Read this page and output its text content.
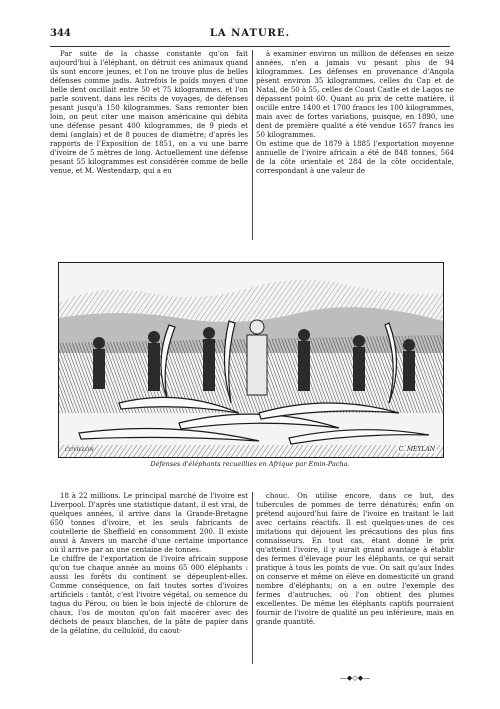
344	LA NATURE.

Par suite de la chasse constante qu'on fait aujourd'hui à l'éléphant, on détruit ces animaux quand ils sont encore jeunes, et l'on ne trouve plus de belles défenses comme jadis. Autrefois le poids moyen d'une belle dent oscillait entre 50 et 75 kilogrammes, et l'on parle souvent, dans les récits de voyages, de défenses pesant jusqu'à 150 kilogrammes. Sans remonter bien loin, on peut citer une maison américaine qui débita une défense pesant 400 kilogrammes, de 9 pieds et demi (anglais) et de 8 pouces de diamètre; d'après les rapports de l'Exposition de 1851, on a vu une barre d'ivoire de 5 mètres de long. Actuellement une défense pesant 55 kilogrammes est considérée comme de belle venue, et M. Westendarp, qui a eu

à examiner environ un million de défenses en seize années, n'en a jamais vu pesant plus de 94 kilogrammes. Les défenses en provenance d'Angola pèsent environ 35 kilogrammes, celles du Cap et de Natal, de 50 à 55, celles de Coast Castle et de Lagos ne dépassent point 60. Quant au prix de cette matière, il oscille entre 1400 et 1700 francs les 100 kilogrammes, mais avec de fortes variations, puisque, en 1890, une dent de première qualité a été vendue 1657 francs les 50 kilogrammes.
On estime que de 1879 à 1885 l'exportation moyenne annuelle de l'ivoire africain a été de 848 tonnes, 564 de la côte orientale et 284 de la côte occidentale, correspondant à une valeur de

CUVILLON	C. MEYLAN
Défenses d'éléphants recueillies en Afrique par Emin-Pacha.

18 à 22 millions. Le principal marché de l'ivoire est Liverpool. D'après une statistique datant, il est vrai, de quelques années, il arrive dans la Grande-Bretagne 650 tonnes d'ivoire, et les seuls fabricants de coutellerie de Sheffield en consomment 200. Il existe aussi à Anvers un marché d'une certaine importance où il arrive par an une centaine de tonnes.
Le chiffre de l'exportation de l'ivoire africain suppose qu'on tue chaque année au moins 65 000 éléphants : aussi les forêts du continent se dépeuplent-elles. Comme conséquence, on fait toutes sortes d'ivoires artificiels : tantôt, c'est l'ivoire végétal, ou semence du tagua du Pérou, ou bien le bois injecté de chlorure de chaux, l'os de mouton qu'on fait macérer avec des déchets de peaux blanches, de la pâte de papier dans de la gélatine, du celluloïd, du caout-

chouc. On utilise encore, dans ce but, des tubercules de pommes de terre dénaturés; enfin on prétend aujourd'hui faire de l'ivoire en traitant le lait avec certains réactifs. Il est quelques-unes de ces imitations qui déjouent les précautions des plus fins connaisseurs. En tout cas, étant donné le prix qu'atteint l'ivoire, il y aurait grand avantage à établir des fermes d'élevage pour les éléphants, ce qui serait pratique à tous les points de vue. On sait qu'aux Indes on conserve et même on élève en domesticité un grand nombre d'éléphants; on a en outre l'exemple des fermes d'autruches, où l'on obtient des plumes excellentes. De même les éléphants captifs pourraient fournir de l'ivoire de qualité un peu inférieure, mais en grande quantité.

—◆◇◆—
